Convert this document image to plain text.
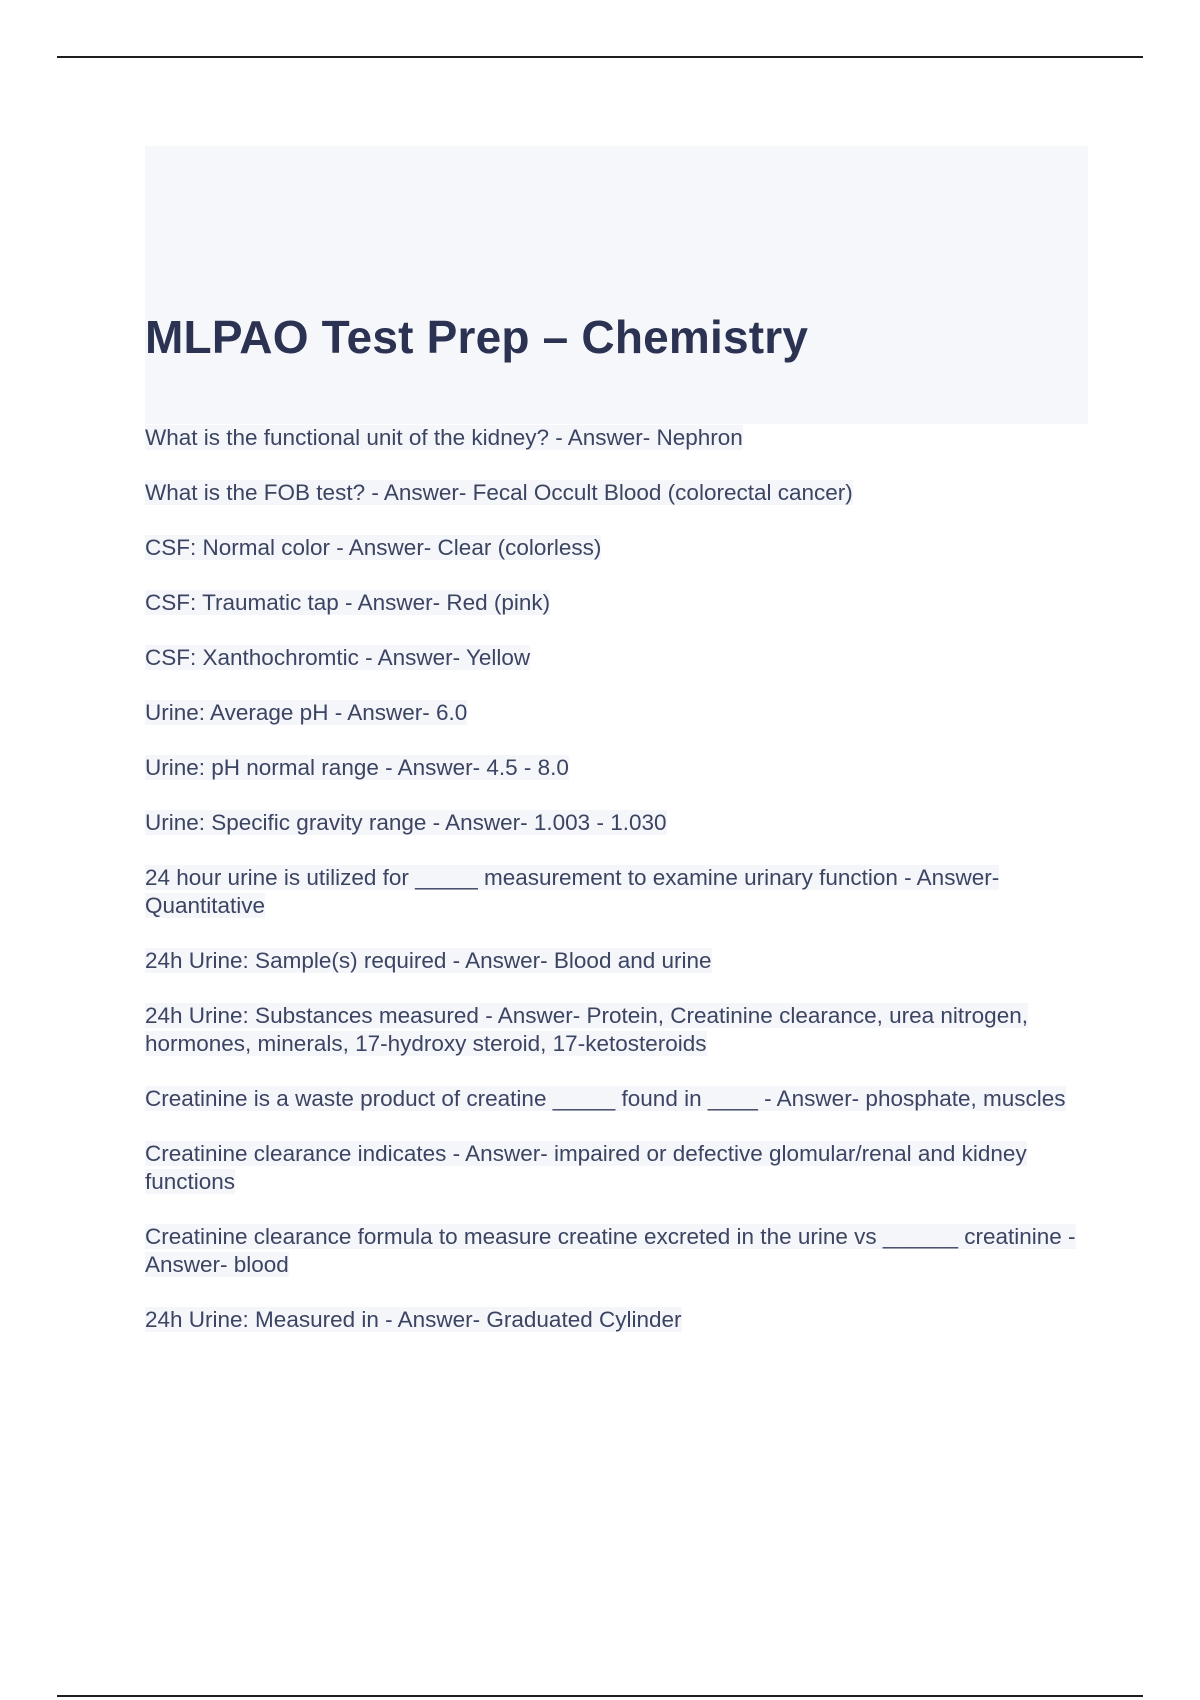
MLPAO Test Prep – Chemistry

What is the functional unit of the kidney? - Answer- Nephron

What is the FOB test? - Answer- Fecal Occult Blood (colorectal cancer)

CSF: Normal color - Answer- Clear (colorless)

CSF: Traumatic tap - Answer- Red (pink)

CSF: Xanthochromtic - Answer- Yellow

Urine: Average pH - Answer- 6.0

Urine: pH normal range - Answer- 4.5 - 8.0

Urine: Specific gravity range - Answer- 1.003 - 1.030

24 hour urine is utilized for _____ measurement to examine urinary function - Answer- Quantitative

24h Urine: Sample(s) required - Answer- Blood and urine

24h Urine: Substances measured - Answer- Protein, Creatinine clearance, urea nitrogen, hormones, minerals, 17-hydroxy steroid, 17-ketosteroids

Creatinine is a waste product of creatine _____ found in ____ - Answer- phosphate, muscles

Creatinine clearance indicates - Answer- impaired or defective glomular/renal and kidney functions

Creatinine clearance formula to measure creatine excreted in the urine vs ______ creatinine - Answer- blood

24h Urine: Measured in - Answer- Graduated Cylinder
